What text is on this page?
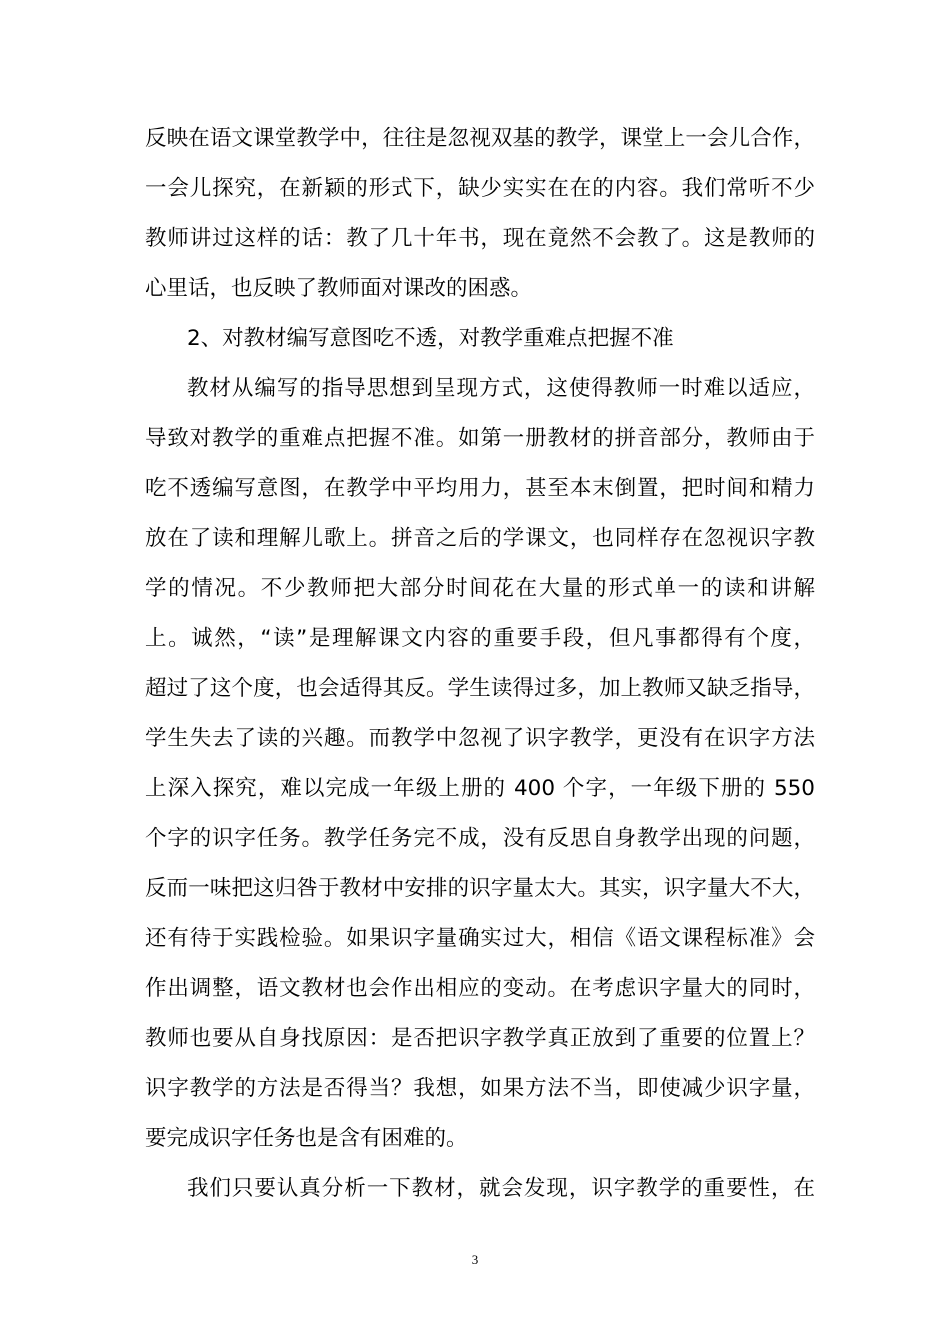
反映在语文课堂教学中，往往是忽视双基的教学，课堂上一会儿合作，
一会儿探究，在新颖的形式下，缺少实实在在的内容。我们常听不少
教师讲过这样的话：教了几十年书，现在竟然不会教了。这是教师的
心里话，也反映了教师面对课改的困惑。
2、对教材编写意图吃不透，对教学重难点把握不准
教材从编写的指导思想到呈现方式，这使得教师一时难以适应，
导致对教学的重难点把握不准。如第一册教材的拼音部分，教师由于
吃不透编写意图，在教学中平均用力，甚至本末倒置，把时间和精力
放在了读和理解儿歌上。拼音之后的学课文，也同样存在忽视识字教
学的情况。不少教师把大部分时间花在大量的形式单一的读和讲解
上。诚然，“读”是理解课文内容的重要手段，但凡事都得有个度，
超过了这个度，也会适得其反。学生读得过多，加上教师又缺乏指导，
学生失去了读的兴趣。而教学中忽视了识字教学，更没有在识字方法
上深入探究，难以完成一年级上册的 400 个字，一年级下册的 550
个字的识字任务。教学任务完不成，没有反思自身教学出现的问题，
反而一味把这归咎于教材中安排的识字量太大。其实，识字量大不大，
还有待于实践检验。如果识字量确实过大，相信《语文课程标准》会
作出调整，语文教材也会作出相应的变动。在考虑识字量大的同时，
教师也要从自身找原因：是否把识字教学真正放到了重要的位置上？
识字教学的方法是否得当？我想，如果方法不当，即使减少识字量，
要完成识字任务也是含有困难的。
我们只要认真分析一下教材，就会发现，识字教学的重要性，在
3
